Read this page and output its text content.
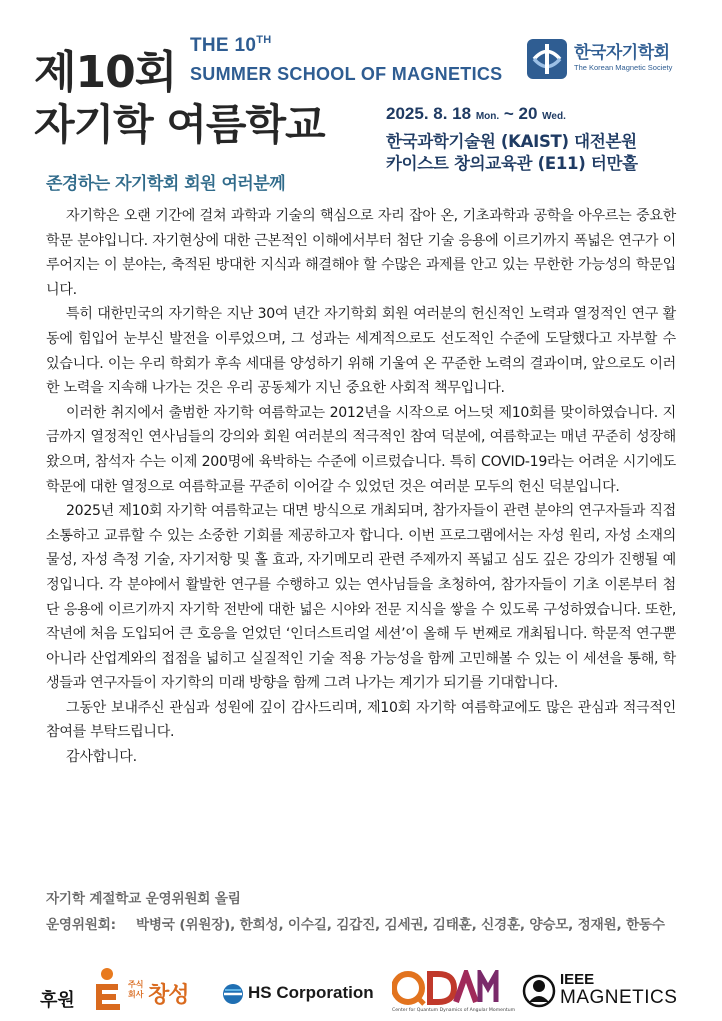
제10회
자기학 여름학교
THE 10TH
SUMMER SCHOOL OF MAGNETICS
한국자기학회
The Korean Magnetic Society
2025. 8. 18 Mon. ~ 20 Wed.
한국과학기술원 (KAIST) 대전본원
카이스트 창의교육관 (E11) 터만홀
존경하는 자기학회 회원 여러분께

자기학은 오랜 기간에 걸쳐 과학과 기술의 핵심으로 자리 잡아 온, 기초과학과 공학을 아우르는 중요한 학문 분야입니다. 자기현상에 대한 근본적인 이해에서부터 첨단 기술 응용에 이르기까지 폭넓은 연구가 이루어지는 이 분야는, 축적된 방대한 지식과 해결해야 할 수많은 과제를 안고 있는 무한한 가능성의 학문입니다.

특히 대한민국의 자기학은 지난 30여 년간 자기학회 회원 여러분의 헌신적인 노력과 열정적인 연구 활동에 힘입어 눈부신 발전을 이루었으며, 그 성과는 세계적으로도 선도적인 수준에 도달했다고 자부할 수 있습니다. 이는 우리 학회가 후속 세대를 양성하기 위해 기울여 온 꾸준한 노력의 결과이며, 앞으로도 이러한 노력을 지속해 나가는 것은 우리 공동체가 지닌 중요한 사회적 책무입니다.

이러한 취지에서 출범한 자기학 여름학교는 2012년을 시작으로 어느덧 제10회를 맞이하였습니다. 지금까지 열정적인 연사님들의 강의와 회원 여러분의 적극적인 참여 덕분에, 여름학교는 매년 꾸준히 성장해 왔으며, 참석자 수는 이제 200명에 육박하는 수준에 이르렀습니다. 특히 COVID-19라는 어려운 시기에도 학문에 대한 열정으로 여름학교를 꾸준히 이어갈 수 있었던 것은 여러분 모두의 헌신 덕분입니다.

2025년 제10회 자기학 여름학교는 대면 방식으로 개최되며, 참가자들이 관련 분야의 연구자들과 직접 소통하고 교류할 수 있는 소중한 기회를 제공하고자 합니다. 이번 프로그램에서는 자성 원리, 자성 소재의 물성, 자성 측정 기술, 자기저항 및 홀 효과, 자기메모리 관련 주제까지 폭넓고 심도 깊은 강의가 진행될 예정입니다. 각 분야에서 활발한 연구를 수행하고 있는 연사님들을 초청하여, 참가자들이 기초 이론부터 첨단 응용에 이르기까지 자기학 전반에 대한 넓은 시야와 전문 지식을 쌓을 수 있도록 구성하였습니다. 또한, 작년에 처음 도입되어 큰 호응을 얻었던 ‘인더스트리얼 세션’이 올해 두 번째로 개최됩니다. 학문적 연구뿐 아니라 산업계와의 접점을 넓히고 실질적인 기술 적용 가능성을 함께 고민해볼 수 있는 이 세션을 통해, 학생들과 연구자들이 자기학의 미래 방향을 함께 그려 나가는 계기가 되기를 기대합니다.

그동안 보내주신 관심과 성원에 깊이 감사드리며, 제10회 자기학 여름학교에도 많은 관심과 적극적인 참여를 부탁드립니다.

감사합니다.

자기학 계절학교 운영위원회 올림
운영위원회:	박병국 (위원장), 한희성, 이수길, 김갑진, 김세권, 김태훈, 신경훈, 양승모, 정재원, 한동수
후원
주식회사 창성	HS Corporation
Center for Quantum Dynamics of Angular Momentum
IEEE
MAGNETICS
